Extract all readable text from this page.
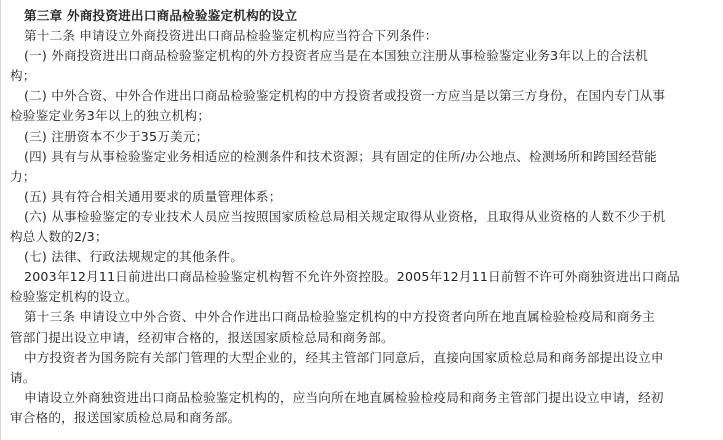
第三章 外商投资进出口商品检验鉴定机构的设立
第十二条 申请设立外商投资进出口商品检验鉴定机构应当符合下列条件：
(一) 外商投资进出口商品检验鉴定机构的外方投资者应当是在本国独立注册从事检验鉴定业务3年以上的合法机
构；
(二) 中外合资、中外合作进出口商品检验鉴定机构的中方投资者或投资一方应当是以第三方身份，在国内专门从事
检验鉴定业务3年以上的独立机构；
(三) 注册资本不少于35万美元；
(四) 具有与从事检验鉴定业务相适应的检测条件和技术资源；具有固定的住所/办公地点、检测场所和跨国经营能
力；
(五) 具有符合相关通用要求的质量管理体系；
(六) 从事检验鉴定的专业技术人员应当按照国家质检总局相关规定取得从业资格，且取得从业资格的人数不少于机
构总人数的2/3；
(七) 法律、行政法规规定的其他条件。
2003年12月11日前进出口商品检验鉴定机构暂不允许外资控股。2005年12月11日前暂不许可外商独资进出口商品
检验鉴定机构的设立。
第十三条 申请设立中外合资、中外合作进出口商品检验鉴定机构的中方投资者向所在地直属检验检疫局和商务主
管部门提出设立申请，经初审合格的，报送国家质检总局和商务部。
中方投资者为国务院有关部门管理的大型企业的，经其主管部门同意后，直接向国家质检总局和商务部提出设立申
请。
申请设立外商独资进出口商品检验鉴定机构的，应当向所在地直属检验检疫局和商务主管部门提出设立申请，经初
审合格的，报送国家质检总局和商务部。
